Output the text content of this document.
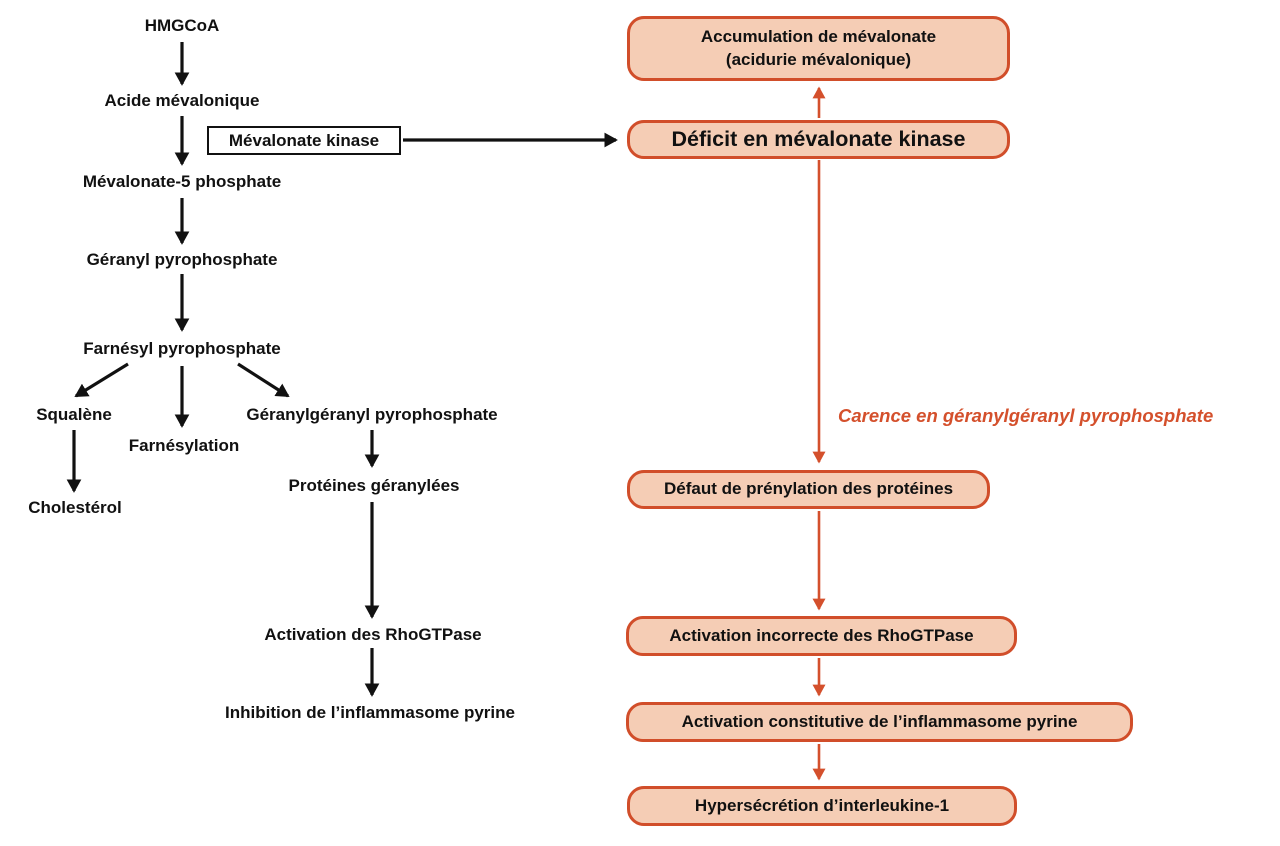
HMGCoA
Acide mévalonique
Mévalonate kinase
Mévalonate-5 phosphate
Géranyl pyrophosphate
Farnésyl pyrophosphate
Squalène
Farnésylation
Géranylgéranyl pyrophosphate
Cholestérol
Protéines géranylées
Activation des RhoGTPase
Inhibition de l’inflammasome pyrine
Accumulation de mévalonate
(acidurie mévalonique)
Déficit en mévalonate kinase
Carence en géranylgéranyl pyrophosphate
Défaut de prénylation des protéines
Activation incorrecte des RhoGTPase
Activation constitutive de l’inflammasome pyrine
Hypersécrétion d’interleukine-1
